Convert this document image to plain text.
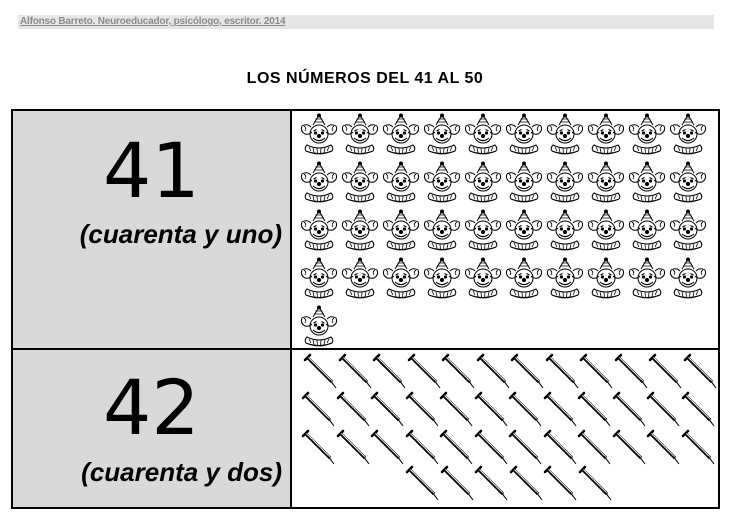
Alfonso Barreto. Neuroeducador, psicólogo, escritor. 2014
LOS NÚMEROS DEL 41 AL 50
41
(cuarenta y uno)
42
(cuarenta y dos)
